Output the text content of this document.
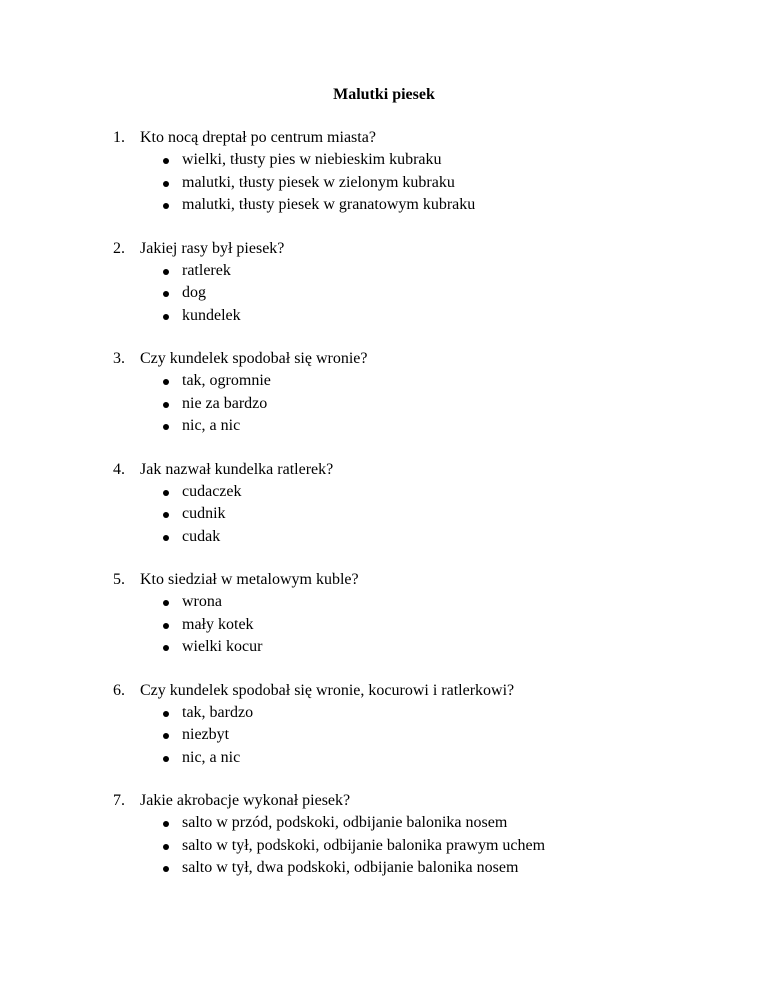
Malutki piesek
1. Kto nocą dreptał po centrum miasta?
wielki, tłusty pies w niebieskim kubraku
malutki, tłusty piesek w zielonym kubraku
malutki, tłusty piesek w granatowym kubraku
2. Jakiej rasy był piesek?
ratlerek
dog
kundelek
3. Czy kundelek spodobał się wronie?
tak, ogromnie
nie za bardzo
nic, a nic
4. Jak nazwał kundelka ratlerek?
cudaczek
cudnik
cudak
5. Kto siedział w metalowym kuble?
wrona
mały kotek
wielki kocur
6. Czy kundelek spodobał się wronie, kocurowi i ratlerkowi?
tak, bardzo
niezbyt
nic, a nic
7. Jakie akrobacje wykonał piesek?
salto w przód, podskoki, odbijanie balonika nosem
salto w tył, podskoki, odbijanie balonika prawym uchem
salto w tył, dwa podskoki, odbijanie balonika nosem
